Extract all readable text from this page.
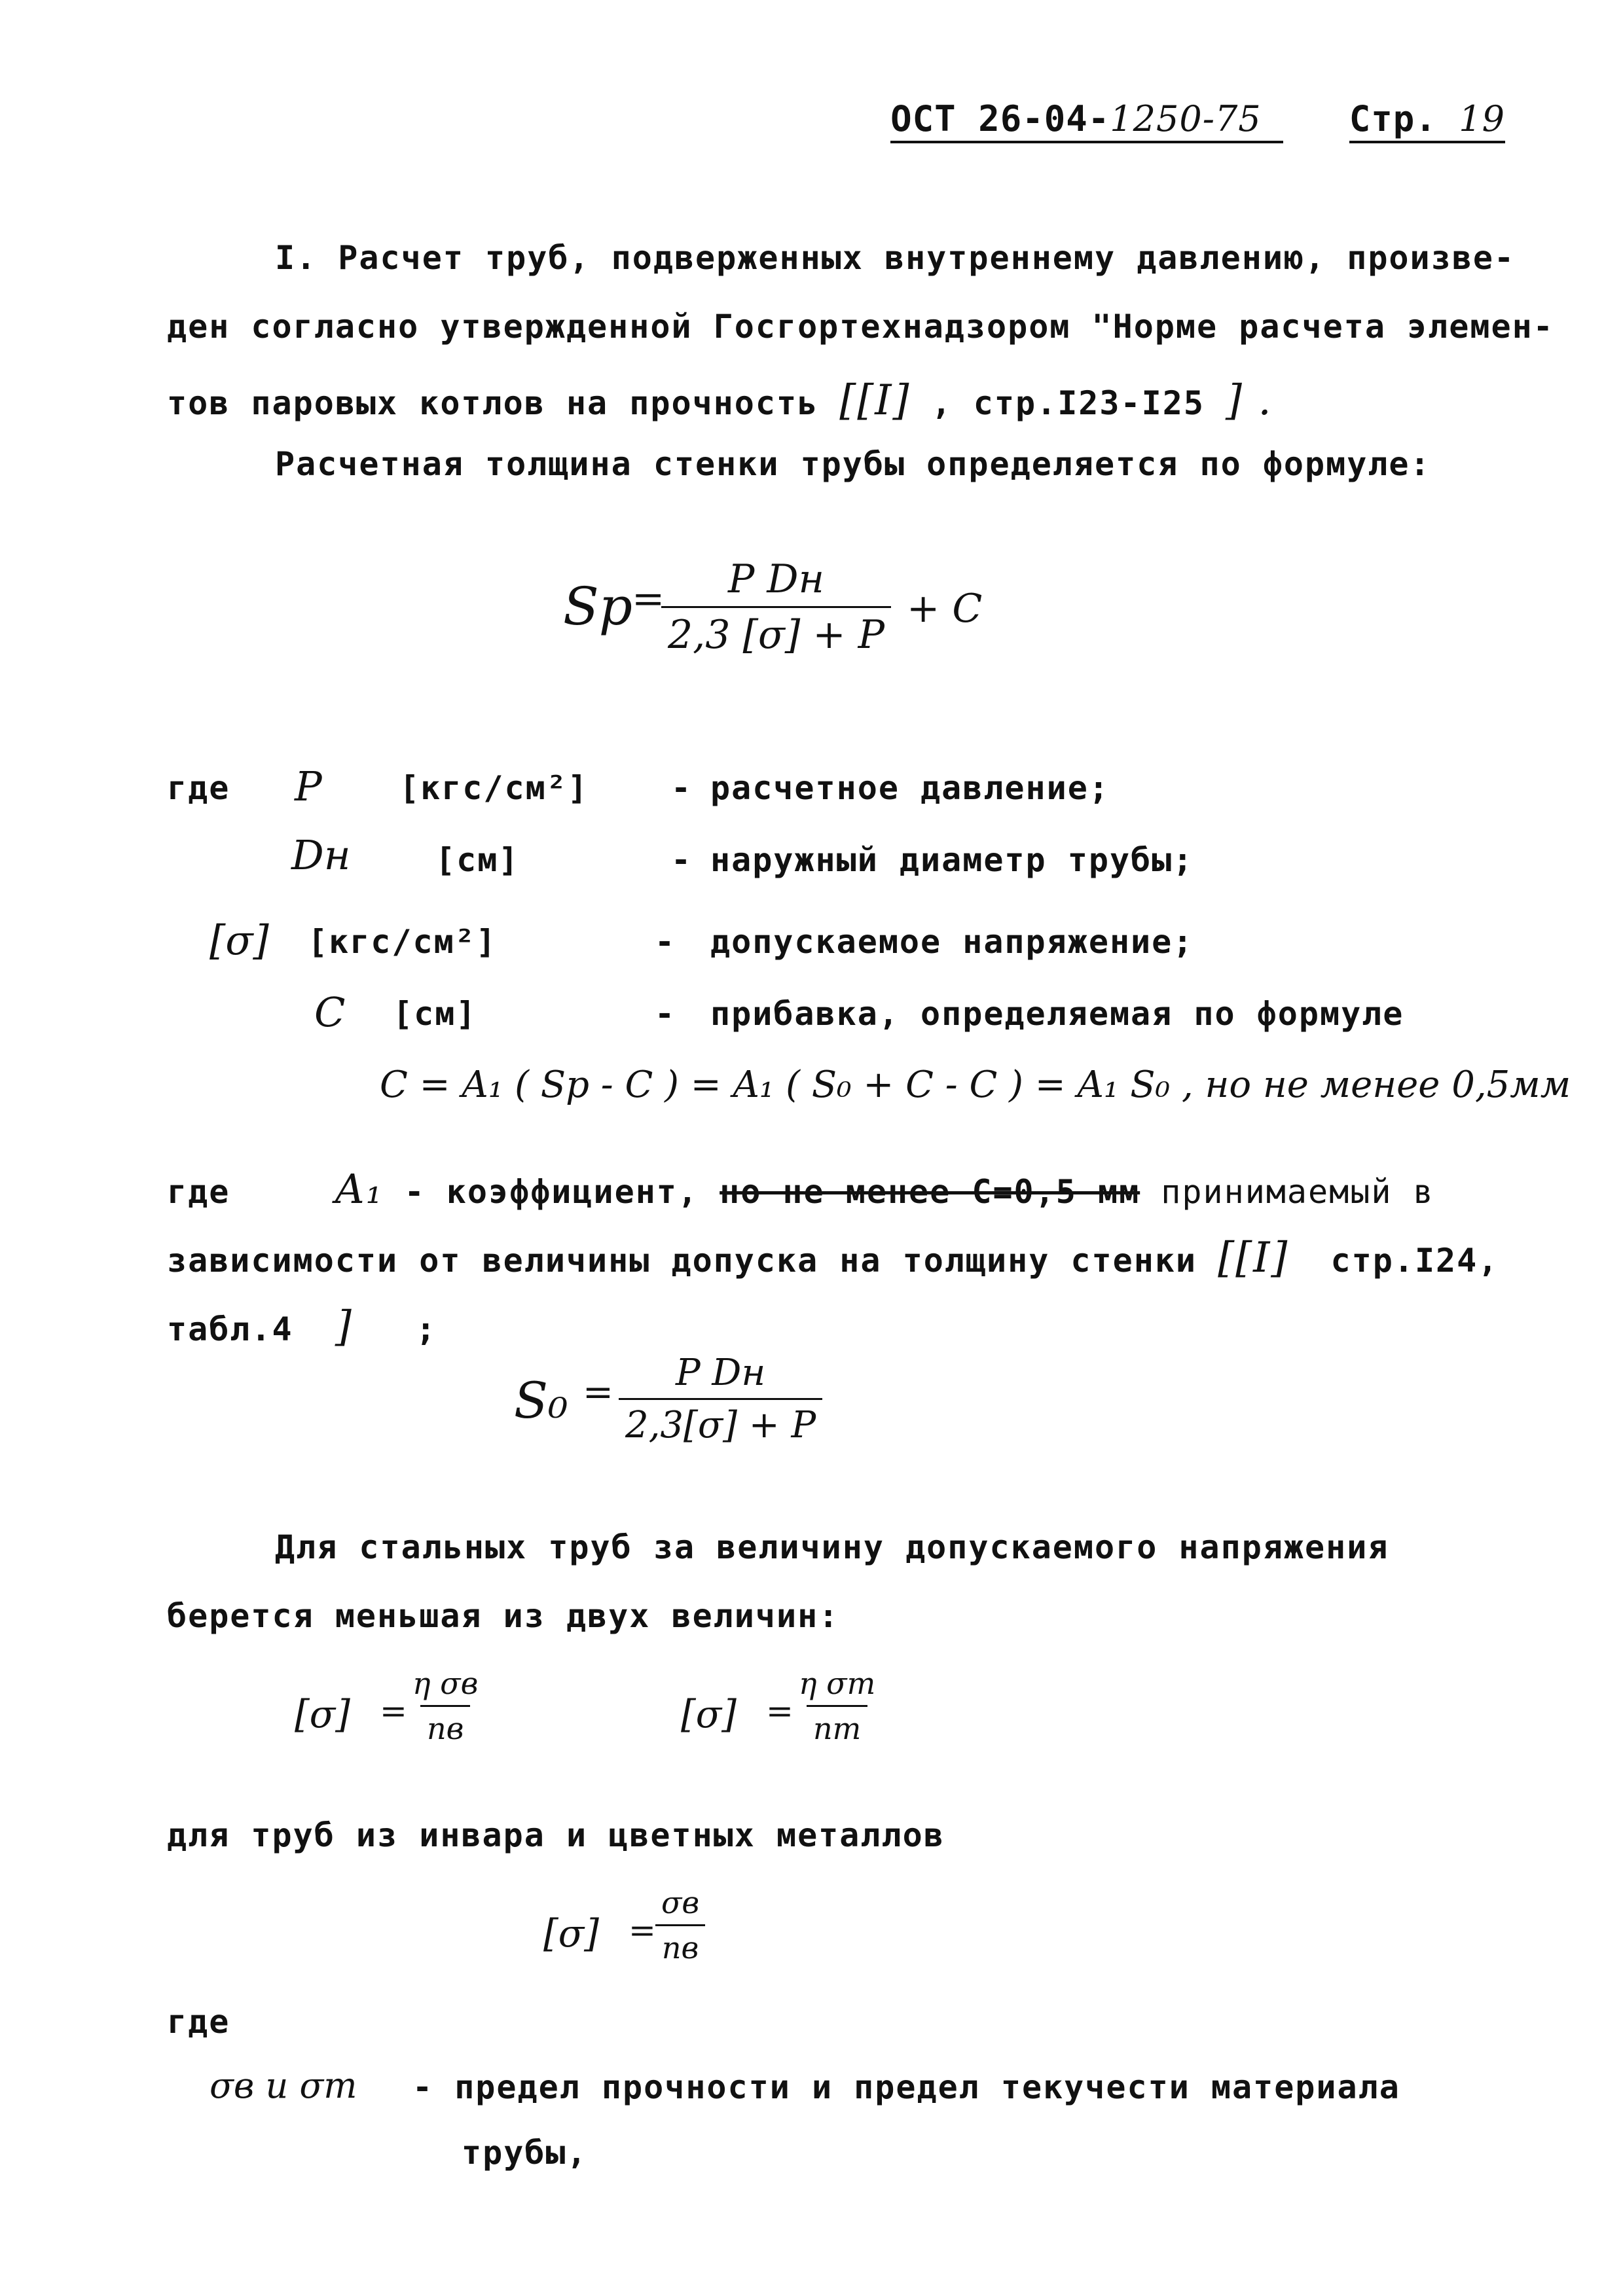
ОСТ 26-04-1250-75 Стр. 19
I. Расчет труб, подверженных внутреннему давлению, произве-
ден согласно утвержденной Госгортехнадзором "Норме расчета элемен-
тов паровых котлов на прочность [[I] , стр.I23-I25 ] .
Расчетная толщина стенки трубы определяется по формуле:
Sр
= P Dн
2,3 [σ] + P
+ C
где P [кгс/см²]	- расчетное давление;
Dн	[см]	- наружный диаметр трубы;
[σ] [кгс/см²]	- допускаемое напряжение;
C [см]	- прибавка, определяемая по формуле
C = A₁ ( Sр - C ) = A₁ ( S₀ + C - C ) = A₁ S₀ , но не менее 0,5мм
где	A₁ - коэффициент, но не менее C=0,5 мм принимаемый в
зависимости от величины допуска на толщину стенки [[I] стр.I24,
табл.4 ] ;
S₀ = P Dн
2,3[σ] + P
Для стальных труб за величину допускаемого напряжения
берется меньшая из двух величин:
[σ] =
η σв
nв	[σ] =
η σт
nт
для труб из инвара и цветных металлов
[σ] =
σв
nв
где
σв и σт - предел прочности и предел текучести материала
трубы,
